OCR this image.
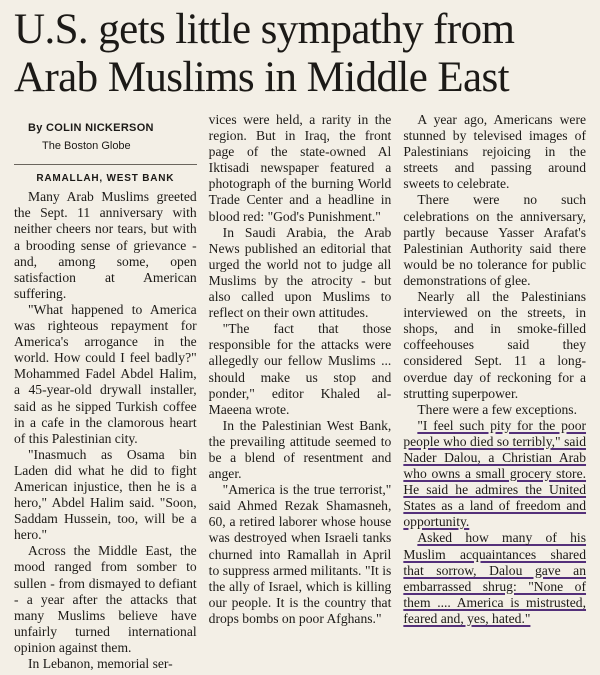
U.S. gets little sympathy from Arab Muslims in Middle East
By COLIN NICKERSON
The Boston Globe
RAMALLAH, WEST BANK

Many Arab Muslims greeted the Sept. 11 anniversary with neither cheers nor tears, but with a brooding sense of grievance - and, among some, open satisfaction at American suffering.

"What happened to America was righteous repayment for America's arrogance in the world. How could I feel badly?" Mohammed Fadel Abdel Halim, a 45-year-old drywall installer, said as he sipped Turkish coffee in a cafe in the clamorous heart of this Palestinian city.

"Inasmuch as Osama bin Laden did what he did to fight American injustice, then he is a hero," Abdel Halim said. "Soon, Saddam Hussein, too, will be a hero."

Across the Middle East, the mood ranged from somber to sullen - from dismayed to defiant - a year after the attacks that many Muslims believe have unfairly turned international opinion against them.

In Lebanon, memorial ser-

vices were held, a rarity in the region. But in Iraq, the front page of the state-owned Al Iktisadi newspaper featured a photograph of the burning World Trade Center and a headline in blood red: "God's Punishment."

In Saudi Arabia, the Arab News published an editorial that urged the world not to judge all Muslims by the atrocity - but also called upon Muslims to reflect on their own attitudes.

"The fact that those responsible for the attacks were allegedly our fellow Muslims ... should make us stop and ponder," editor Khaled al-Maeena wrote.

In the Palestinian West Bank, the prevailing attitude seemed to be a blend of resentment and anger.

"America is the true terrorist," said Ahmed Rezak Shamasneh, 60, a retired laborer whose house was destroyed when Israeli tanks churned into Ramallah in April to suppress armed militants. "It is the ally of Israel, which is killing our people. It is the country that drops bombs on poor Afghans."

A year ago, Americans were stunned by televised images of Palestinians rejoicing in the streets and passing around sweets to celebrate.

There were no such celebrations on the anniversary, partly because Yasser Arafat's Palestinian Authority said there would be no tolerance for public demonstrations of glee.

Nearly all the Palestinians interviewed on the streets, in shops, and in smoke-filled coffeehouses said they considered Sept. 11 a long-overdue day of reckoning for a strutting superpower.

There were a few exceptions.

"I feel such pity for the poor people who died so terribly," said Nader Dalou, a Christian Arab who owns a small grocery store. He said he admires the United States as a land of freedom and opportunity.

Asked how many of his Muslim acquaintances shared that sorrow, Dalou gave an embarrassed shrug: "None of them .... America is mistrusted, feared and, yes, hated."
